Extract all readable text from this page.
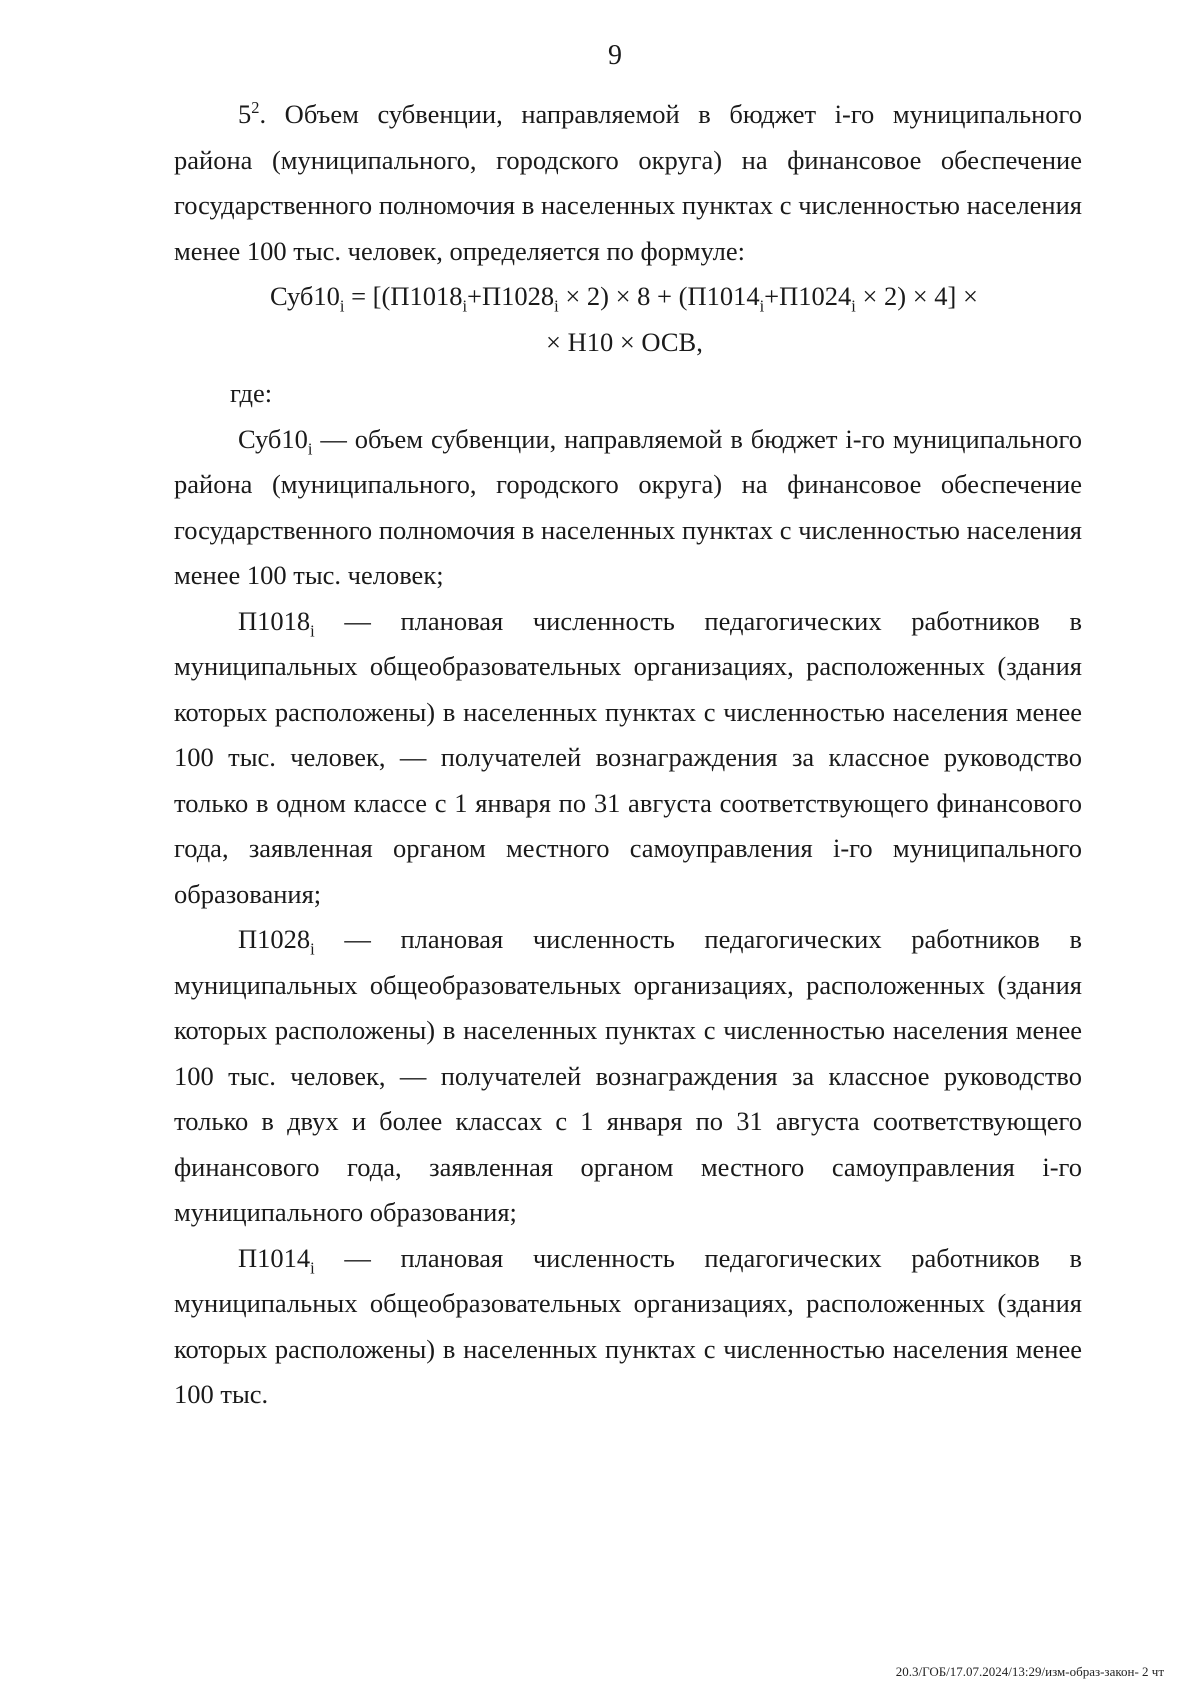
9

$5^2$. Объем субвенции, направляемой в бюджет i-го муниципального района (муниципального, городского округа) на финансовое обеспечение государственного полномочия в населенных пунктах с численностью населения менее 100 тыс. человек, определяется по формуле:

$Суб10_i = [(П1018_i+П1028_i \times 2) \times 8 + (П1014_i+П1024_i \times 2) \times 4]$ ×

× Н10 × ОСВ,

где:

$Суб10_i$ — объем субвенции, направляемой в бюджет i-го муниципального района (муниципального, городского округа) на финансовое обеспечение государственного полномочия в населенных пунктах с численностью населения менее 100 тыс. человек;

$П1018_i$ — плановая численность педагогических работников в муниципальных общеобразовательных организациях, расположенных (здания которых расположены) в населенных пунктах с численностью населения менее 100 тыс. человек, — получателей вознаграждения за классное руководство только в одном классе с 1 января по 31 августа соответствующего финансового года, заявленная органом местного самоуправления i-го муниципального образования;

$П1028_i$ — плановая численность педагогических работников в муниципальных общеобразовательных организациях, расположенных (здания которых расположены) в населенных пунктах с численностью населения менее 100 тыс. человек, — получателей вознаграждения за классное руководство только в двух и более классах с 1 января по 31 августа соответствующего финансового года, заявленная органом местного самоуправления i-го муниципального образования;

$П1014_i$ — плановая численность педагогических работников в муниципальных общеобразовательных организациях, расположенных (здания которых расположены) в населенных пунктах с численностью населения менее 100 тыс.

20.3/ГОБ/17.07.2024/13:29/изм-образ-закон- 2 чт
